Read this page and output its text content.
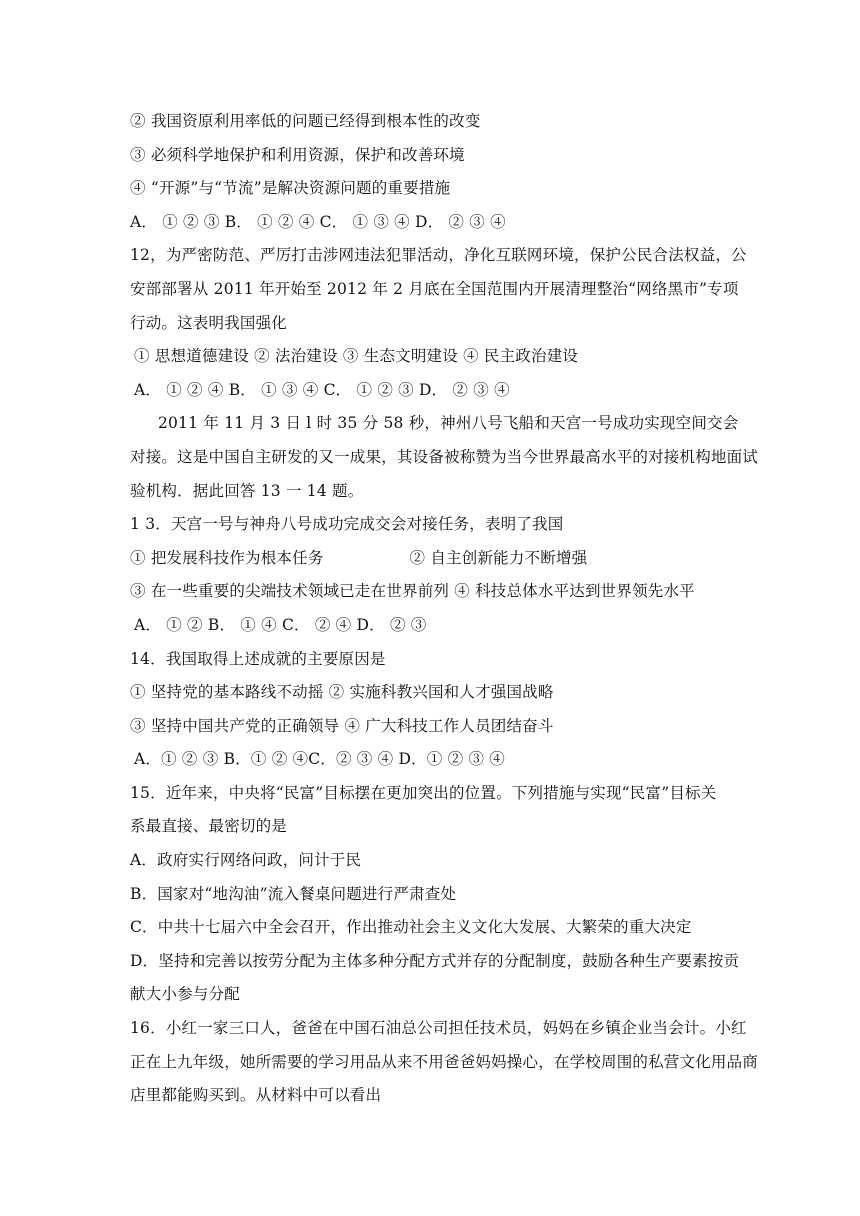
② 我国资原利用率低的问题已经得到根本性的改变
③ 必须科学地保护和利用资源，保护和改善环境
④ “开源”与“节流”是解决资源问题的重要措施
A． ① ② ③ B． ① ② ④ C． ① ③ ④ D． ② ③ ④
12，为严密防范、严厉打击涉网违法犯罪活动，净化互联网环境，保护公民合法权益，公
安部部署从 2011 年开始至 2012 年 2 月底在全国范围内开展清理整治“网络黑市”专项
行动。这表明我国强化
① 思想道德建设 ② 法治建设 ③ 生态文明建设 ④ 民主政治建设
A． ① ② ④ B． ① ③ ④ C． ① ② ③ D． ② ③ ④
2011 年 11 月 3 日 l 时 35 分 58 秒，神州八号飞船和天宫一号成功实现空间交会
对接。这是中国自主研发的又一成果，其设备被称赞为当今世界最高水平的对接机构地面试
验机构．据此回答 13 一 14 题。
1 3．天宫一号与神舟八号成功完成交会对接任务，表明了我国
① 把发展科技作为根本任务	② 自主创新能力不断增强
③ 在一些重要的尖端技术领域已走在世界前列 ④ 科技总体水平达到世界领先水平
A． ① ② B． ① ④ C． ② ④ D． ② ③
14．我国取得上述成就的主要原因是
① 坚持党的基本路线不动摇 ② 实施科教兴国和人才强国战略
③ 坚持中国共产党的正确领导 ④ 广大科技工作人员团结奋斗
A．① ② ③ B．① ② ④C．② ③ ④ D．① ② ③ ④
15．近年来，中央将“民富”目标摆在更加突出的位置。下列措施与实现“民富”目标关
系最直接、最密切的是
A．政府实行网络问政，问计于民
B．国家对“地沟油”流入餐桌问题进行严肃查处
C．中共十七届六中全会召开，作出推动社会主义文化大发展、大繁荣的重大决定
D．坚持和完善以按劳分配为主体多种分配方式并存的分配制度，鼓励各种生产要素按贡
献大小参与分配
16．小红一家三口人，爸爸在中国石油总公司担任技术员，妈妈在乡镇企业当会计。小红
正在上九年级，她所需要的学习用品从来不用爸爸妈妈操心，在学校周围的私营文化用品商
店里都能购买到。从材料中可以看出
